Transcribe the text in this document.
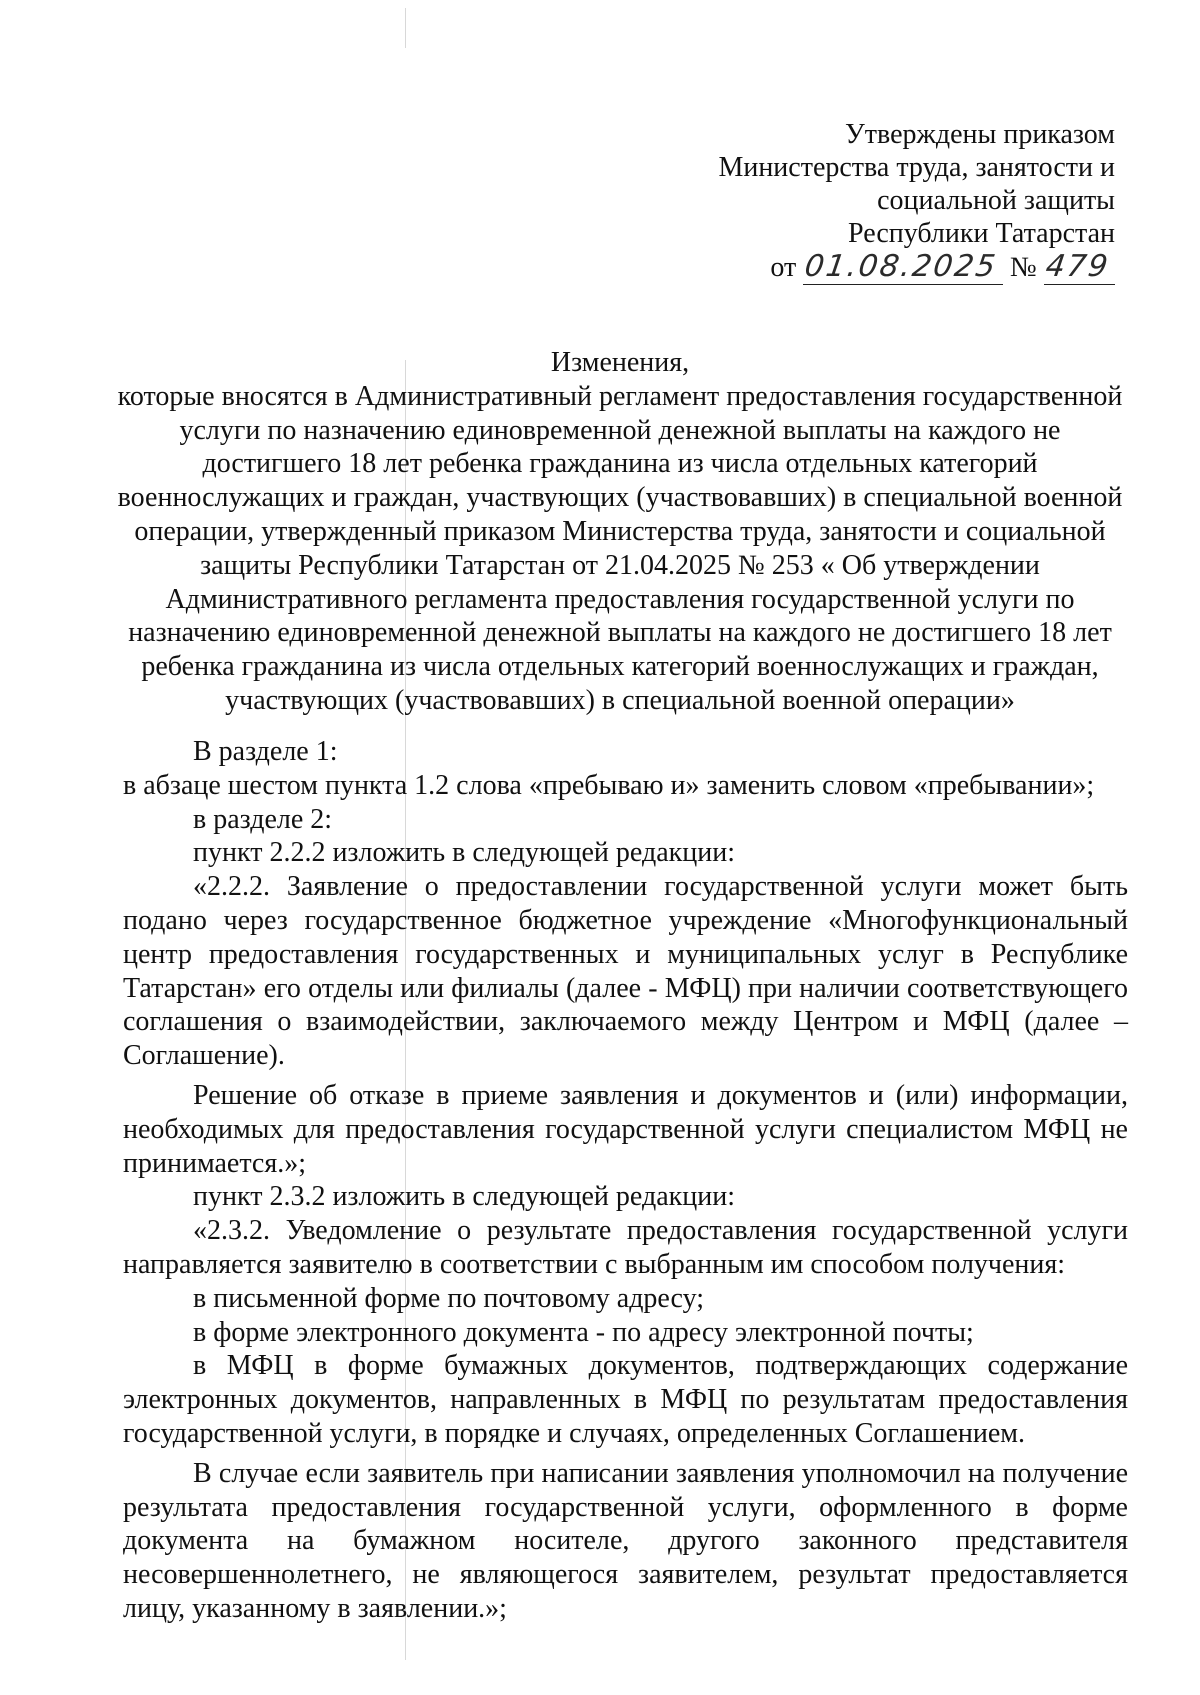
Утверждены приказом
Министерства труда, занятости и
социальной защиты
Республики Татарстан
от 01.08.2025 № 479
Изменения,
которые вносятся в Административный регламент предоставления государственной услуги по назначению единовременной денежной выплаты на каждого не достигшего 18 лет ребенка гражданина из числа отдельных категорий военнослужащих и граждан, участвующих (участвовавших) в специальной военной операции, утвержденный приказом Министерства труда, занятости и социальной защиты Республики Татарстан от 21.04.2025 № 253 « Об утверждении Административного регламента предоставления государственной услуги по назначению единовременной денежной выплаты на каждого не достигшего 18 лет ребенка гражданина из числа отдельных категорий военнослужащих и граждан, участвующих (участвовавших) в специальной военной операции»

В разделе 1:

в абзаце шестом пункта 1.2 слова «пребываю и» заменить словом «пребывании»;

в разделе 2:

пункт 2.2.2 изложить в следующей редакции:

«2.2.2. Заявление о предоставлении государственной услуги может быть подано через государственное бюджетное учреждение «Многофункциональный центр предоставления государственных и муниципальных услуг в Республике Татарстан» его отделы или филиалы (далее - МФЦ) при наличии соответствующего соглашения о взаимодействии, заключаемого между Центром и МФЦ (далее – Соглашение).

Решение об отказе в приеме заявления и документов и (или) информации, необходимых для предоставления государственной услуги специалистом МФЦ не принимается.»;

пункт 2.3.2 изложить в следующей редакции:

«2.3.2. Уведомление о результате предоставления государственной услуги направляется заявителю в соответствии с выбранным им способом получения:

в письменной форме по почтовому адресу;

в форме электронного документа - по адресу электронной почты;

в МФЦ в форме бумажных документов, подтверждающих содержание электронных документов, направленных в МФЦ по результатам предоставления государственной услуги, в порядке и случаях, определенных Соглашением.

В случае если заявитель при написании заявления уполномочил на получение результата предоставления государственной услуги, оформленного в форме документа на бумажном носителе, другого законного представителя несовершеннолетнего, не являющегося заявителем, результат предоставляется лицу, указанному в заявлении.»;
